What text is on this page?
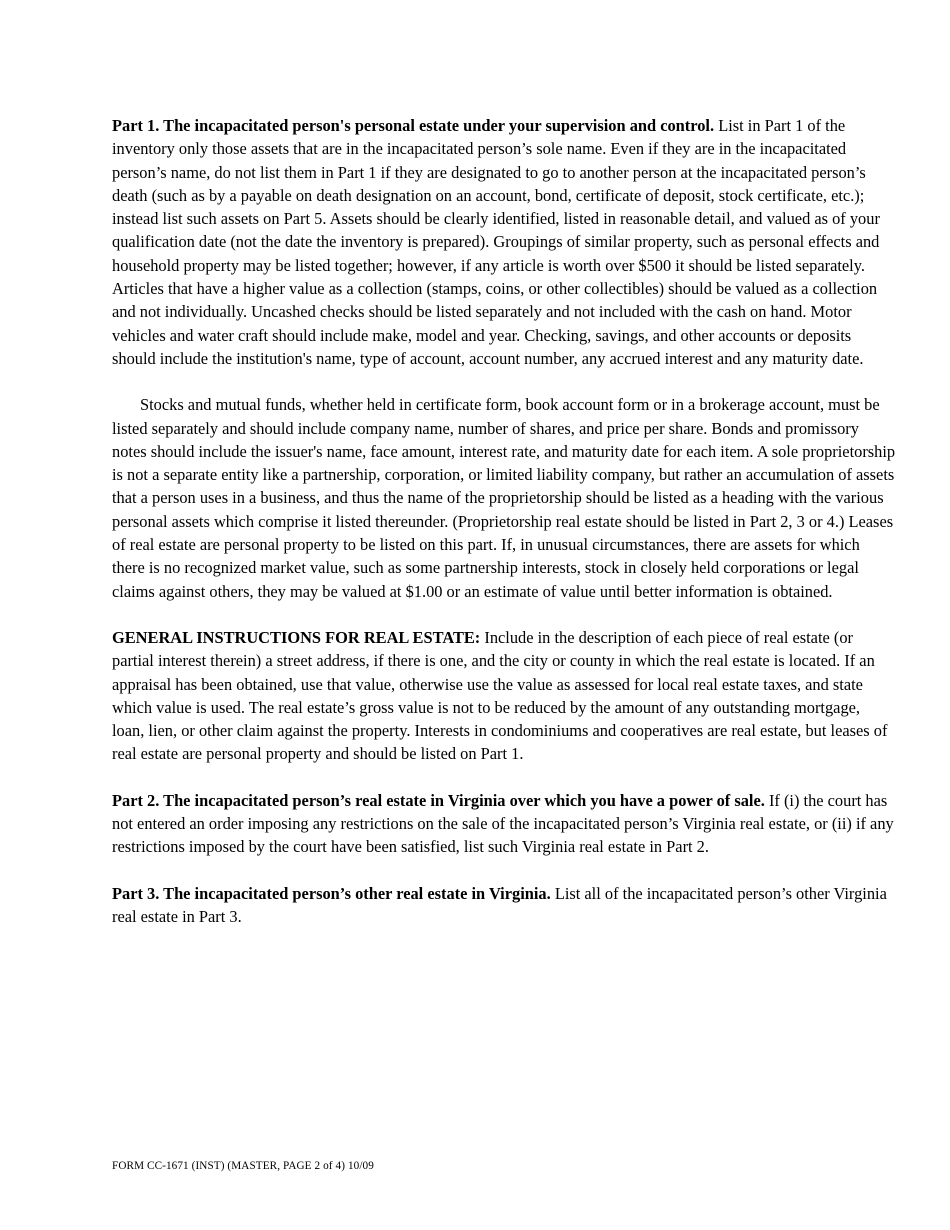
Part 1. The incapacitated person's personal estate under your supervision and control. List in Part 1 of the inventory only those assets that are in the incapacitated person’s sole name. Even if they are in the incapacitated person’s name, do not list them in Part 1 if they are designated to go to another person at the incapacitated person’s death (such as by a payable on death designation on an account, bond, certificate of deposit, stock certificate, etc.); instead list such assets on Part 5. Assets should be clearly identified, listed in reasonable detail, and valued as of your qualification date (not the date the inventory is prepared). Groupings of similar property, such as personal effects and household property may be listed together; however, if any article is worth over $500 it should be listed separately. Articles that have a higher value as a collection (stamps, coins, or other collectibles) should be valued as a collection and not individually. Uncashed checks should be listed separately and not included with the cash on hand. Motor vehicles and water craft should include make, model and year. Checking, savings, and other accounts or deposits should include the institution's name, type of account, account number, any accrued interest and any maturity date.

Stocks and mutual funds, whether held in certificate form, book account form or in a brokerage account, must be listed separately and should include company name, number of shares, and price per share. Bonds and promissory notes should include the issuer's name, face amount, interest rate, and maturity date for each item. A sole proprietorship is not a separate entity like a partnership, corporation, or limited liability company, but rather an accumulation of assets that a person uses in a business, and thus the name of the proprietorship should be listed as a heading with the various personal assets which comprise it listed thereunder. (Proprietorship real estate should be listed in Part 2, 3 or 4.) Leases of real estate are personal property to be listed on this part. If, in unusual circumstances, there are assets for which there is no recognized market value, such as some partnership interests, stock in closely held corporations or legal claims against others, they may be valued at $1.00 or an estimate of value until better information is obtained.

GENERAL INSTRUCTIONS FOR REAL ESTATE: Include in the description of each piece of real estate (or partial interest therein) a street address, if there is one, and the city or county in which the real estate is located. If an appraisal has been obtained, use that value, otherwise use the value as assessed for local real estate taxes, and state which value is used. The real estate’s gross value is not to be reduced by the amount of any outstanding mortgage, loan, lien, or other claim against the property. Interests in condominiums and cooperatives are real estate, but leases of real estate are personal property and should be listed on Part 1.

Part 2. The incapacitated person’s real estate in Virginia over which you have a power of sale. If (i) the court has not entered an order imposing any restrictions on the sale of the incapacitated person’s Virginia real estate, or (ii) if any restrictions imposed by the court have been satisfied, list such Virginia real estate in Part 2.

Part 3. The incapacitated person’s other real estate in Virginia. List all of the incapacitated person’s other Virginia real estate in Part 3.

FORM CC-1671 (INST) (MASTER, PAGE 2 of 4) 10/09
